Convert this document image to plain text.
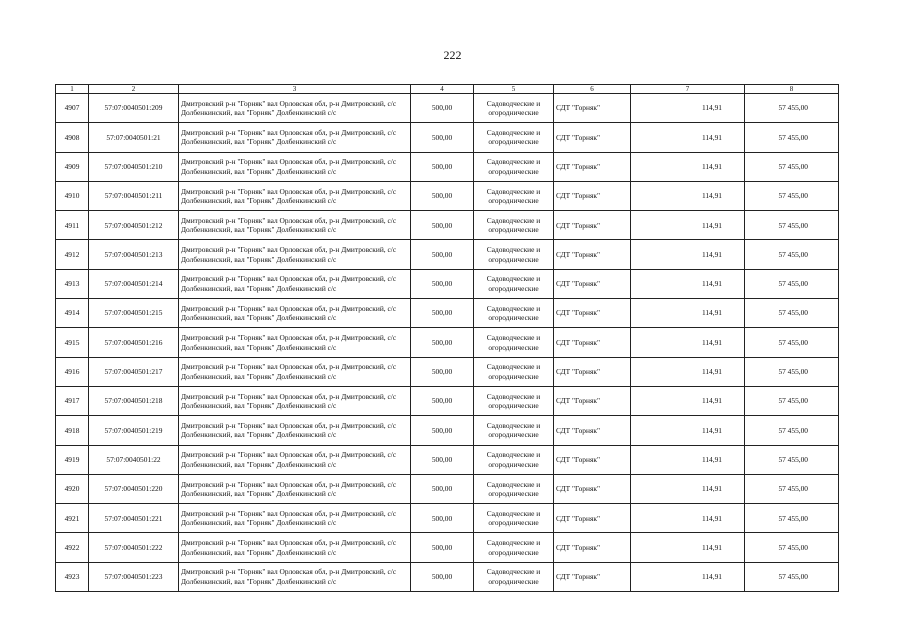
222
1	2	3	4	5	6	7	8
4907	57:07:0040501:209	Дмитровский р-н "Горняк" вал Орловская обл, р-н Дмитровский, с/с Долбенкинский, вал "Горняк" Долбенкинский с/с	500,00	Садоводческие и огороднические	СДТ "Горняк"	114,91	57 455,00
4908	57:07:0040501:21	Дмитровский р-н "Горняк" вал Орловская обл, р-н Дмитровский, с/с Долбенкинский, вал "Горняк" Долбенкинский с/с	500,00	Садоводческие и огороднические	СДТ "Горняк"	114,91	57 455,00
4909	57:07:0040501:210	Дмитровский р-н "Горняк" вал Орловская обл, р-н Дмитровский, с/с Долбенкинский, вал "Горняк" Долбенкинский с/с	500,00	Садоводческие и огороднические	СДТ "Горняк"	114,91	57 455,00
4910	57:07:0040501:211	Дмитровский р-н "Горняк" вал Орловская обл, р-н Дмитровский, с/с Долбенкинский, вал "Горняк" Долбенкинский с/с	500,00	Садоводческие и огороднические	СДТ "Горняк"	114,91	57 455,00
4911	57:07:0040501:212	Дмитровский р-н "Горняк" вал Орловская обл, р-н Дмитровский, с/с Долбенкинский, вал "Горняк" Долбенкинский с/с	500,00	Садоводческие и огороднические	СДТ "Горняк"	114,91	57 455,00
4912	57:07:0040501:213	Дмитровский р-н "Горняк" вал Орловская обл, р-н Дмитровский, с/с Долбенкинский, вал "Горняк" Долбенкинский с/с	500,00	Садоводческие и огороднические	СДТ "Горняк"	114,91	57 455,00
4913	57:07:0040501:214	Дмитровский р-н "Горняк" вал Орловская обл, р-н Дмитровский, с/с Долбенкинский, вал "Горняк" Долбенкинский с/с	500,00	Садоводческие и огороднические	СДТ "Горняк"	114,91	57 455,00
4914	57:07:0040501:215	Дмитровский р-н "Горняк" вал Орловская обл, р-н Дмитровский, с/с Долбенкинский, вал "Горняк" Долбенкинский с/с	500,00	Садоводческие и огороднические	СДТ "Горняк"	114,91	57 455,00
4915	57:07:0040501:216	Дмитровский р-н "Горняк" вал Орловская обл, р-н Дмитровский, с/с Долбенкинский, вал "Горняк" Долбенкинский с/с	500,00	Садоводческие и огороднические	СДТ "Горняк"	114,91	57 455,00
4916	57:07:0040501:217	Дмитровский р-н "Горняк" вал Орловская обл, р-н Дмитровский, с/с Долбенкинский, вал "Горняк" Долбенкинский с/с	500,00	Садоводческие и огороднические	СДТ "Горняк"	114,91	57 455,00
4917	57:07:0040501:218	Дмитровский р-н "Горняк" вал Орловская обл, р-н Дмитровский, с/с Долбенкинский, вал "Горняк" Долбенкинский с/с	500,00	Садоводческие и огороднические	СДТ "Горняк"	114,91	57 455,00
4918	57:07:0040501:219	Дмитровский р-н "Горняк" вал Орловская обл, р-н Дмитровский, с/с Долбенкинский, вал "Горняк" Долбенкинский с/с	500,00	Садоводческие и огороднические	СДТ "Горняк"	114,91	57 455,00
4919	57:07:0040501:22	Дмитровский р-н "Горняк" вал Орловская обл, р-н Дмитровский, с/с Долбенкинский, вал "Горняк" Долбенкинский с/с	500,00	Садоводческие и огороднические	СДТ "Горняк"	114,91	57 455,00
4920	57:07:0040501:220	Дмитровский р-н "Горняк" вал Орловская обл, р-н Дмитровский, с/с Долбенкинский, вал "Горняк" Долбенкинский с/с	500,00	Садоводческие и огороднические	СДТ "Горняк"	114,91	57 455,00
4921	57:07:0040501:221	Дмитровский р-н "Горняк" вал Орловская обл, р-н Дмитровский, с/с Долбенкинский, вал "Горняк" Долбенкинский с/с	500,00	Садоводческие и огороднические	СДТ "Горняк"	114,91	57 455,00
4922	57:07:0040501:222	Дмитровский р-н "Горняк" вал Орловская обл, р-н Дмитровский, с/с Долбенкинский, вал "Горняк" Долбенкинский с/с	500,00	Садоводческие и огороднические	СДТ "Горняк"	114,91	57 455,00
4923	57:07:0040501:223	Дмитровский р-н "Горняк" вал Орловская обл, р-н Дмитровский, с/с Долбенкинский, вал "Горняк" Долбенкинский с/с	500,00	Садоводческие и огороднические	СДТ "Горняк"	114,91	57 455,00
